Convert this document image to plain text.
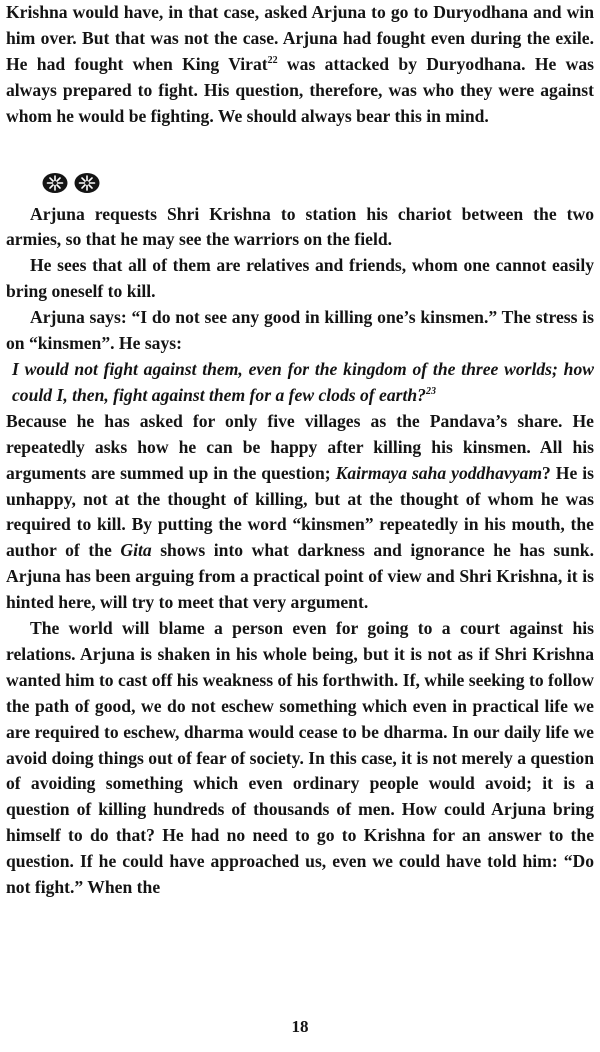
Krishna would have, in that case, asked Arjuna to go to Duryodhana and win him over. But that was not the case. Arjuna had fought even during the exile. He had fought when King Virat$^{22}$ was attacked by Duryodhana. He was always prepared to fight. His question, therefore, was who they were against whom he would be fighting. We should always bear this in mind.

Arjuna requests Shri Krishna to station his chariot between the two armies, so that he may see the warriors on the field.

He sees that all of them are relatives and friends, whom one cannot easily bring oneself to kill.

Arjuna says: “I do not see any good in killing one’s kinsmen.” The stress is on “kinsmen”. He says:

I would not fight against them, even for the kingdom of the three worlds; how could I, then, fight against them for a few clods of earth?$^{23}$

Because he has asked for only five villages as the Pandava’s share. He repeatedly asks how he can be happy after killing his kinsmen. All his arguments are summed up in the question; Kairmaya saha yoddhavyam? He is unhappy, not at the thought of killing, but at the thought of whom he was required to kill. By putting the word “kinsmen” repeatedly in his mouth, the author of the Gita shows into what darkness and ignorance he has sunk. Arjuna has been arguing from a practical point of view and Shri Krishna, it is hinted here, will try to meet that very argument.

The world will blame a person even for going to a court against his relations. Arjuna is shaken in his whole being, but it is not as if Shri Krishna wanted him to cast off his weakness of his forthwith. If, while seeking to follow the path of good, we do not eschew something which even in practical life we are required to eschew, dharma would cease to be dharma. In our daily life we avoid doing things out of fear of society. In this case, it is not merely a question of avoiding something which even ordinary people would avoid; it is a question of killing hundreds of thousands of men. How could Arjuna bring himself to do that? He had no need to go to Krishna for an answer to the question. If he could have approached us, even we could have told him: “Do not fight.” When the

18
